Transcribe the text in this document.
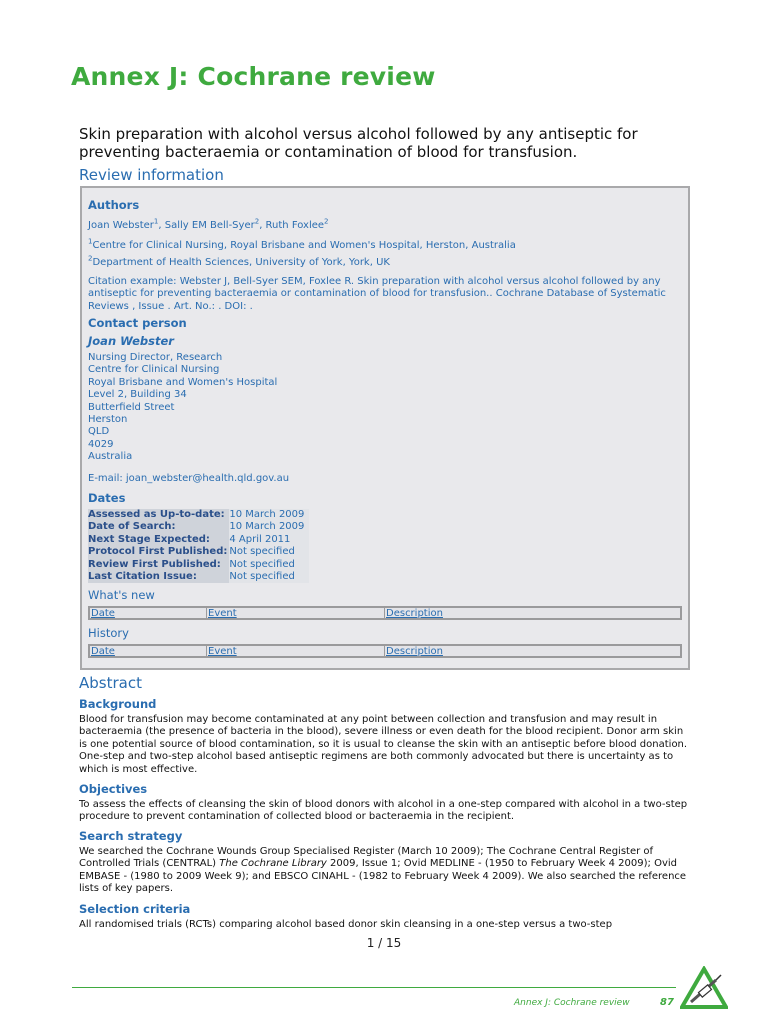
Annex J: Cochrane review
Skin preparation with alcohol versus alcohol followed by any antiseptic for preventing bacteraemia or contamination of blood for transfusion.
Review information
Authors
Joan Webster$^1$, Sally EM Bell-Syer$^2$, Ruth Foxlee$^2$
$^1$Centre for Clinical Nursing, Royal Brisbane and Women's Hospital, Herston, Australia
$^2$Department of Health Sciences, University of York, York, UK
Citation example: Webster J, Bell-Syer SEM, Foxlee R. Skin preparation with alcohol versus alcohol followed by any antiseptic for preventing bacteraemia or contamination of blood for transfusion.. Cochrane Database of Systematic Reviews , Issue . Art. No.: . DOI: .
Contact person
Joan Webster
Nursing Director, Research
Centre for Clinical Nursing
Royal Brisbane and Women's Hospital
Level 2, Building 34
Butterfield Street
Herston
QLD
4029
Australia
E-mail: joan_webster@health.qld.gov.au
Dates
Assessed as Up-to-date:	10 March 2009
Date of Search:	10 March 2009
Next Stage Expected:	4 April 2011
Protocol First Published:	Not specified
Review First Published:	Not specified
Last Citation Issue:	Not specified
What's new
Date	Event	Description
History
Date	Event	Description
Abstract
Background
Blood for transfusion may become contaminated at any point between collection and transfusion and may result in bacteraemia (the presence of bacteria in the blood), severe illness or even death for the blood recipient. Donor arm skin is one potential source of blood contamination, so it is usual to cleanse the skin with an antiseptic before blood donation. One-step and two-step alcohol based antiseptic regimens are both commonly advocated but there is uncertainty as to which is most effective.
Objectives
To assess the effects of cleansing the skin of blood donors with alcohol in a one-step compared with alcohol in a two-step procedure to prevent contamination of collected blood or bacteraemia in the recipient.
Search strategy
We searched the Cochrane Wounds Group Specialised Register (March 10 2009); The Cochrane Central Register of Controlled Trials (CENTRAL) The Cochrane Library 2009, Issue 1; Ovid MEDLINE - (1950 to February Week 4 2009); Ovid EMBASE - (1980 to 2009 Week 9); and EBSCO CINAHL - (1982 to February Week 4 2009). We also searched the reference lists of key papers.
Selection criteria
All randomised trials (RCTs) comparing alcohol based donor skin cleansing in a one-step versus a two-step
1 / 15
Annex J: Cochrane review	87
